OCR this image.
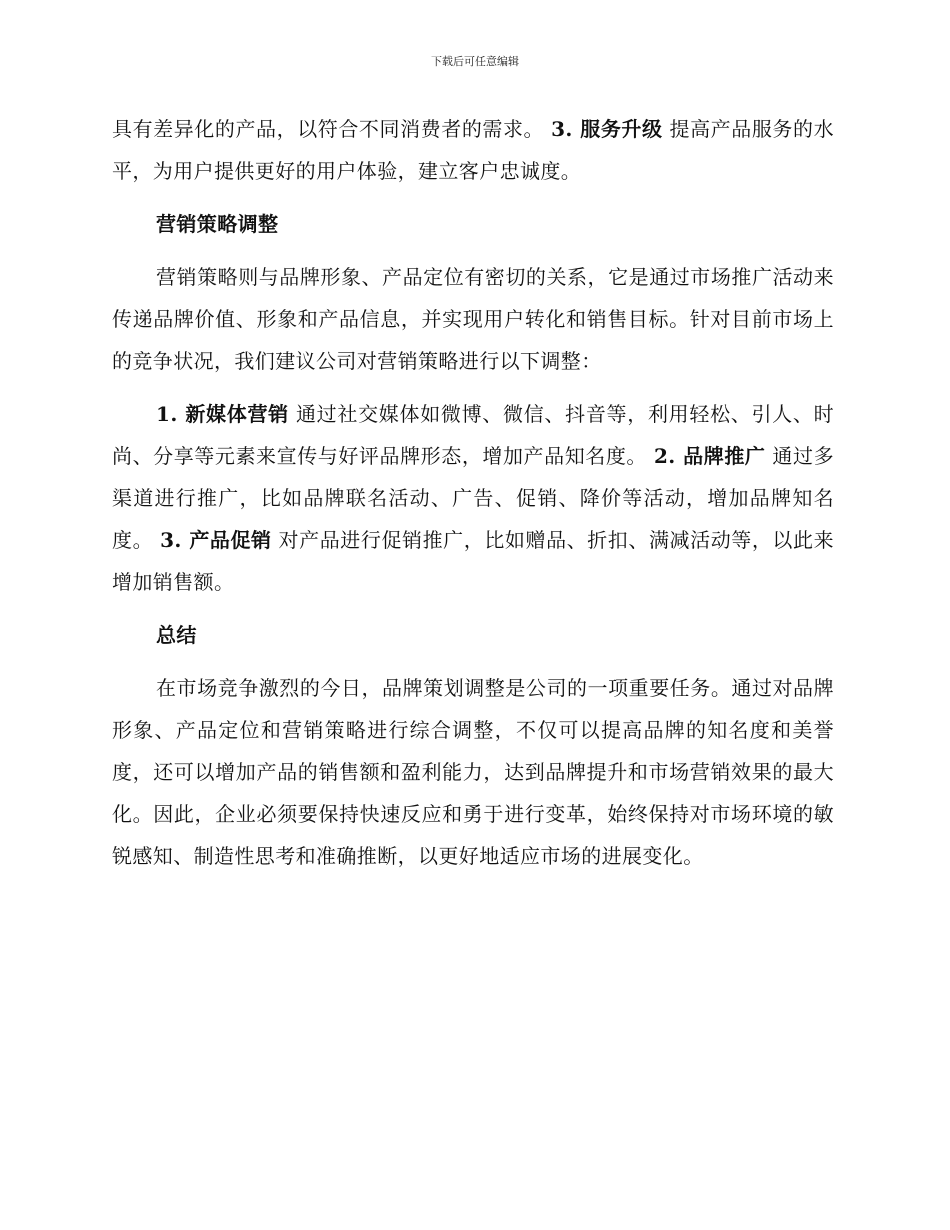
下载后可任意编辑

具有差异化的产品，以符合不同消费者的需求。 3. 服务升级 提高产品服务的水平，为用户提供更好的用户体验，建立客户忠诚度。

营销策略调整

营销策略则与品牌形象、产品定位有密切的关系，它是通过市场推广活动来传递品牌价值、形象和产品信息，并实现用户转化和销售目标。针对目前市场上的竞争状况，我们建议公司对营销策略进行以下调整：

1. 新媒体营销 通过社交媒体如微博、微信、抖音等，利用轻松、引人、时尚、分享等元素来宣传与好评品牌形态，增加产品知名度。 2. 品牌推广 通过多渠道进行推广，比如品牌联名活动、广告、促销、降价等活动，增加品牌知名度。 3. 产品促销 对产品进行促销推广，比如赠品、折扣、满减活动等，以此来增加销售额。

总结

在市场竞争激烈的今日，品牌策划调整是公司的一项重要任务。通过对品牌形象、产品定位和营销策略进行综合调整，不仅可以提高品牌的知名度和美誉度，还可以增加产品的销售额和盈利能力，达到品牌提升和市场营销效果的最大化。因此，企业必须要保持快速反应和勇于进行变革，始终保持对市场环境的敏锐感知、制造性思考和准确推断，以更好地适应市场的进展变化。
